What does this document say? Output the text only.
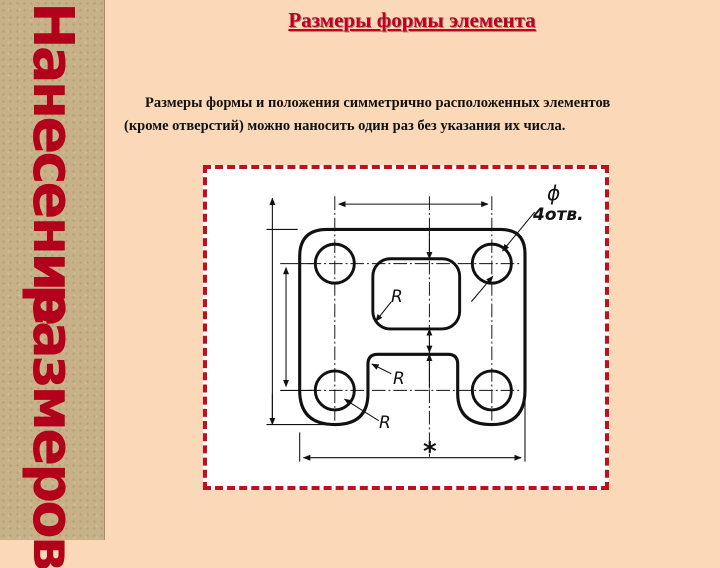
Нанесение
размеров
Размеры формы элемента
Размеры формы и положения симметрично расположенных элементов
(кроме отверстий) можно наносить один раз без указания их числа.
ϕ
4отв.
R
R
R
*
